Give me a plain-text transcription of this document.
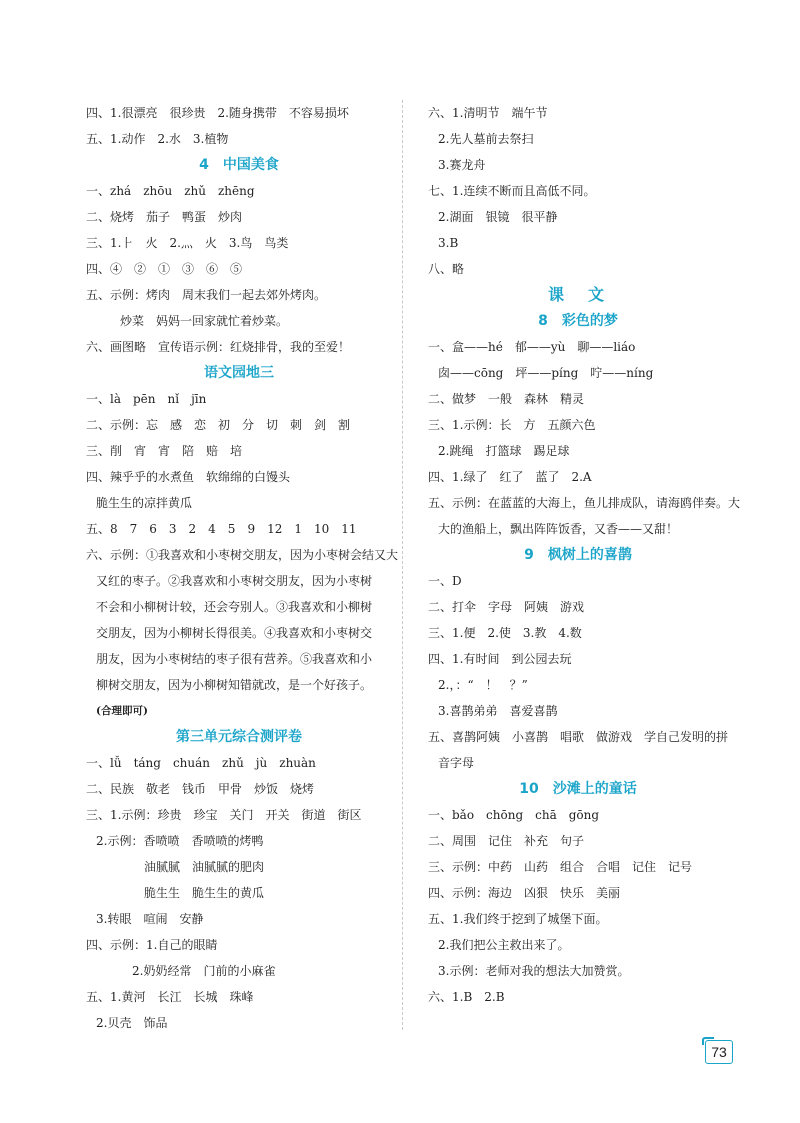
四、1.很漂亮　很珍贵　2.随身携带　不容易损坏
五、1.动作　2.水　3.植物
4　中国美食
一、zhá　zhōu　zhǔ　zhēng
二、烧烤　茄子　鸭蛋　炒肉
三、1.⺊　火　2.灬　火　3.鸟　鸟类
四、④　②　①　③　⑥　⑤
五、示例：烤肉　周末我们一起去郊外烤肉。
　　炒菜　妈妈一回家就忙着炒菜。
六、画图略　宣传语示例：红烧排骨，我的至爱！
语文园地三
一、là　pēn　nǐ　jīn
二、示例：忘　感　恋　初　分　切　刺　剑　割
三、削　宵　宵　陪　赔　培
四、辣乎乎的水煮鱼　软绵绵的白馒头
脆生生的凉拌黄瓜
五、8　7　6　3　2　4　5　9　12　1　10　11
六、示例：①我喜欢和小枣树交朋友，因为小枣树会结又大
又红的枣子。②我喜欢和小枣树交朋友，因为小枣树
不会和小柳树计较，还会夸别人。③我喜欢和小柳树
交朋友，因为小柳树长得很美。④我喜欢和小枣树交
朋友，因为小枣树结的枣子很有营养。⑤我喜欢和小
柳树交朋友，因为小柳树知错就改，是一个好孩子。
(合理即可)
第三单元综合测评卷
一、lǚ　táng　chuán　zhǔ　jù　zhuàn
二、民族　敬老　钱币　甲骨　炒饭　烧烤
三、1.示例：珍贵　珍宝　关门　开关　街道　街区
2.示例：香喷喷　香喷喷的烤鸭
　　　　油腻腻　油腻腻的肥肉
　　　　脆生生　脆生生的黄瓜
3.转眼　喧闹　安静
四、示例：1.自己的眼睛
　　　2.奶奶经常　门前的小麻雀
五、1.黄河　长江　长城　珠峰
2.贝壳　饰品
六、1.清明节　端午节
2.先人墓前去祭扫
3.赛龙舟
七、1.连续不断而且高低不同。
2.湖面　银镜　很平静
3.B
八、略
课　文
8　彩色的梦
一、盒——hé　郁——yù　聊——liáo
囱——cōng　坪——píng　咛——níng
二、做梦　一般　森林　精灵
三、1.示例：长　方　五颜六色
2.跳绳　打篮球　踢足球
四、1.绿了　红了　蓝了　2.A
五、示例：在蓝蓝的大海上，鱼儿排成队，请海鸥伴奏。大
大的渔船上，飘出阵阵饭香，又香——又甜！
9　枫树上的喜鹊
一、D
二、打伞　字母　阿姨　游戏
三、1.便　2.使　3.教　4.数
四、1.有时间　到公园去玩
2.，：“　！　？”
3.喜鹊弟弟　喜爱喜鹊
五、喜鹊阿姨　小喜鹊　唱歌　做游戏　学自己发明的拼
音字母
10　沙滩上的童话
一、bǎo　chōng　chā　gōng
二、周围　记住　补充　句子
三、示例：中药　山药　组合　合唱　记住　记号
四、示例：海边　凶狠　快乐　美丽
五、1.我们终于挖到了城堡下面。
2.我们把公主救出来了。
3.示例：老师对我的想法大加赞赏。
六、1.B　2.B
73
